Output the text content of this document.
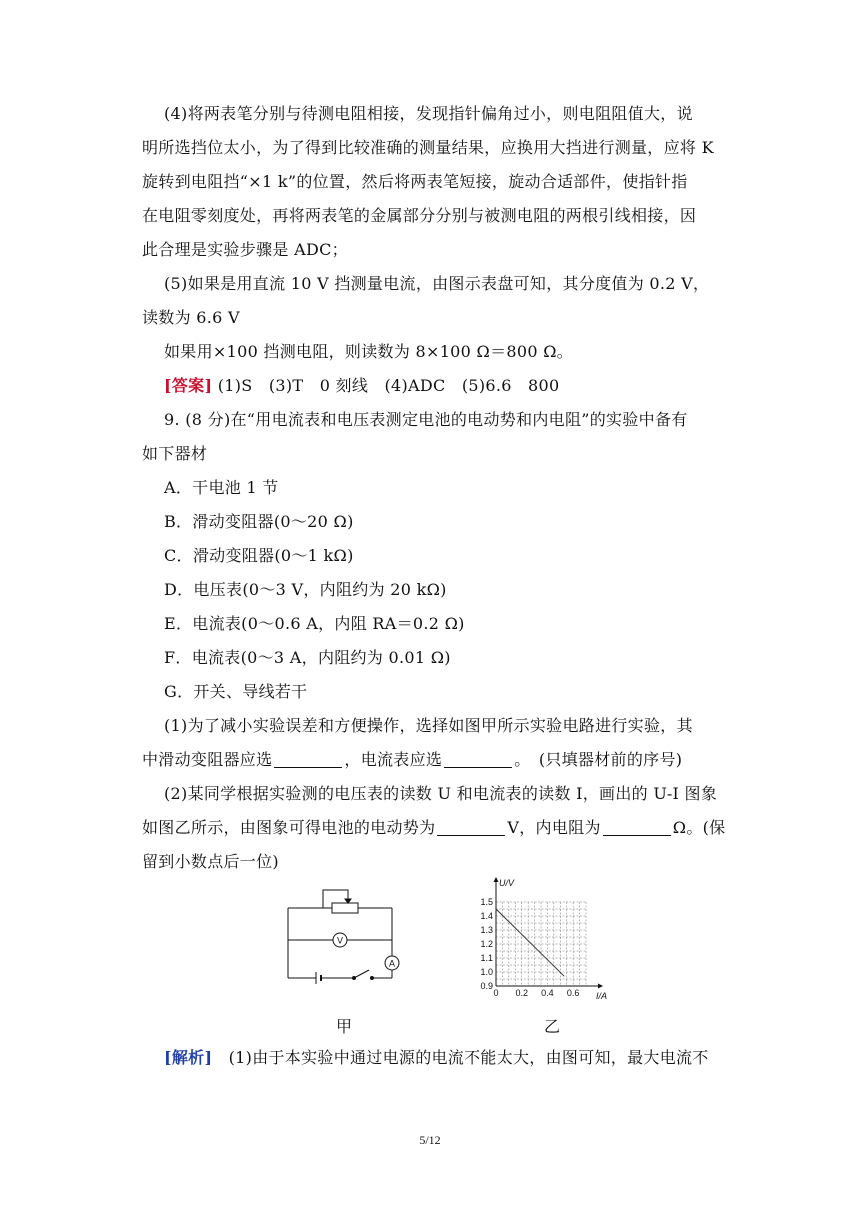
(4)将两表笔分别与待测电阻相接，发现指针偏角过小，则电阻阻值大，说
明所选挡位太小，为了得到比较准确的测量结果，应换用大挡进行测量，应将 K
旋转到电阻挡“×1 k”的位置，然后将两表笔短接，旋动合适部件，使指针指
在电阻零刻度处，再将两表笔的金属部分分别与被测电阻的两根引线相接，因
此合理是实验步骤是 ADC；
(5)如果是用直流 10 V 挡测量电流，由图示表盘可知，其分度值为 0.2 V，
读数为 6.6 V
如果用×100 挡测电阻，则读数为 8×100 Ω＝800 Ω。
[答案] (1)S　(3)T　0 刻线　(4)ADC　(5)6.6　800
9. (8 分)在“用电流表和电压表测定电池的电动势和内电阻”的实验中备有
如下器材
A．干电池 1 节
B．滑动变阻器(0～20 Ω)
C．滑动变阻器(0～1 kΩ)
D．电压表(0～3 V，内阻约为 20 kΩ)
E．电流表(0～0.6 A，内阻 RA＝0.2 Ω)
F．电流表(0～3 A，内阻约为 0.01 Ω)
G．开关、导线若干
(1)为了减小实验误差和方便操作，选择如图甲所示实验电路进行实验，其
中滑动变阻器应选	，电流表应选	。　(只填器材前的序号)
(2)某同学根据实验测的电压表的读数 U 和电流表的读数 I，画出的 U-I 图象
如图乙所示，由图象可得电池的电动势为	V，内电阻为	Ω。(保
留到小数点后一位)
V
A
0 0.2 0.4 0.6
0.9
1.0
1.1
1.2
1.3
1.4
1.5
I/A
U/V
甲	乙
[解析]　(1)由于本实验中通过电源的电流不能太大，由图可知，最大电流不
5/12
